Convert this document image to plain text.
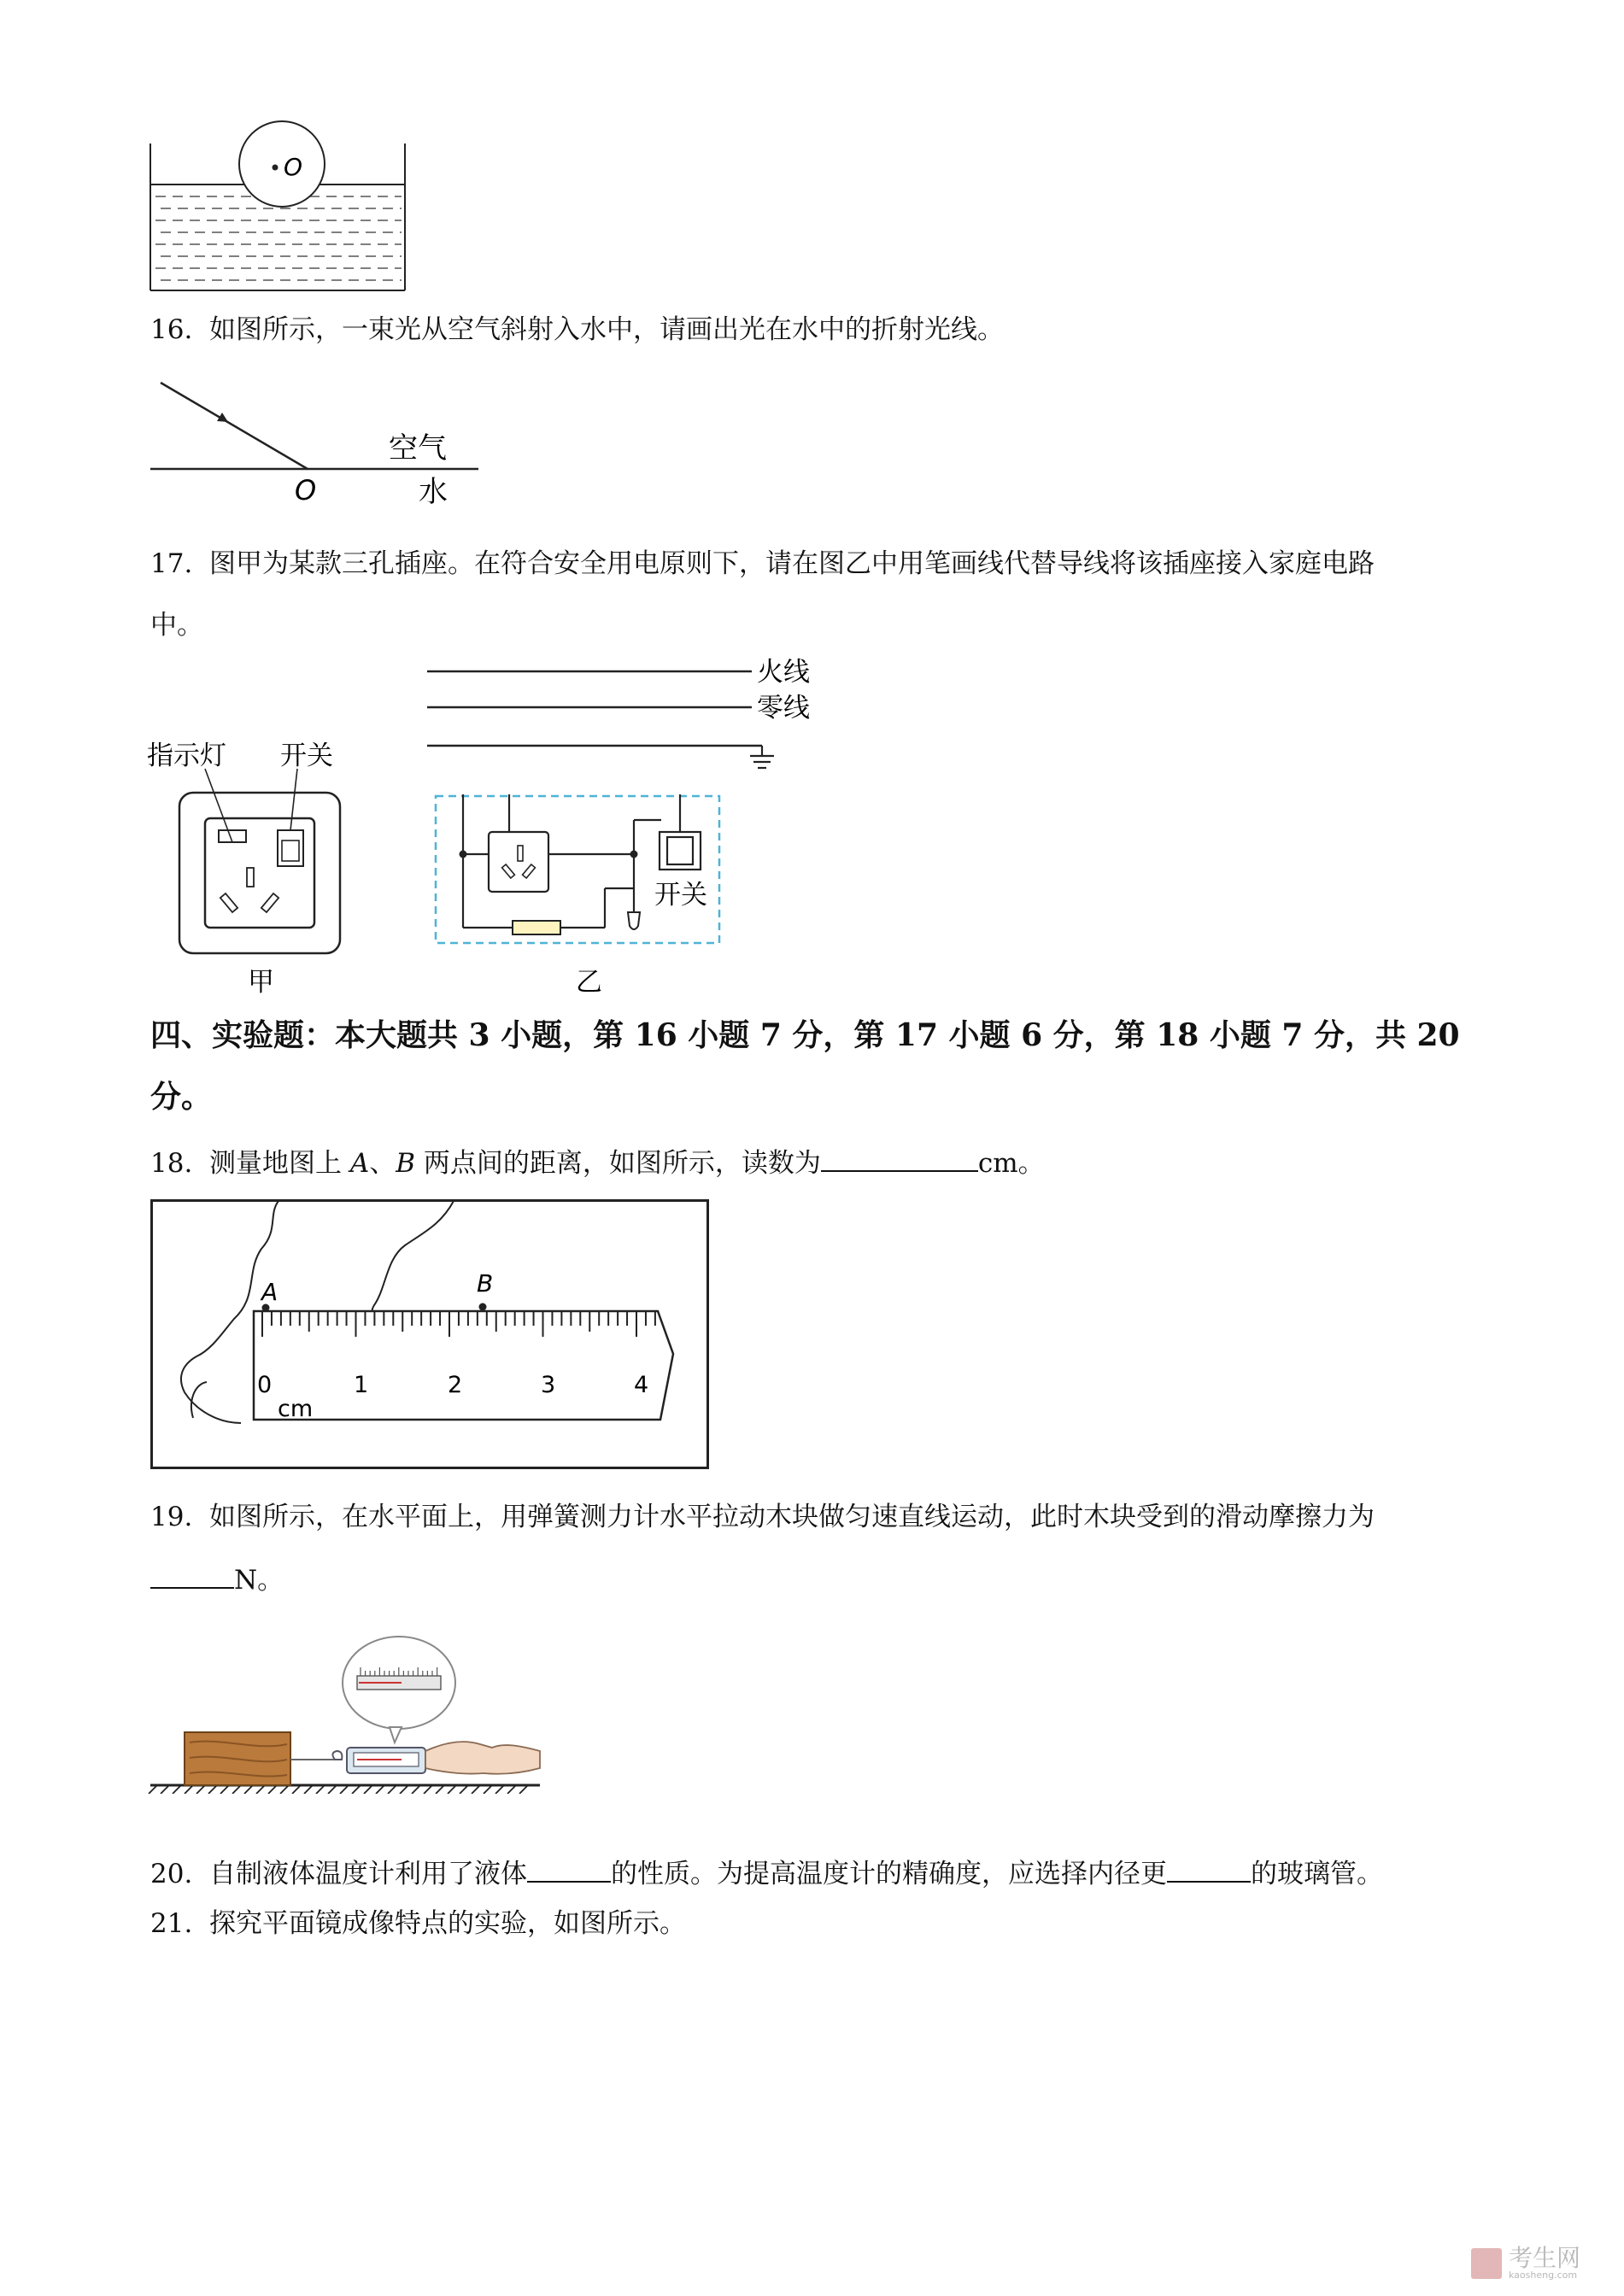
O
16. 如图所示，一束光从空气斜射入水中，请画出光在水中的折射光线。
空气
O	水
17. 图甲为某款三孔插座。在符合安全用电原则下，请在图乙中用笔画线代替导线将该插座接入家庭电路
中。
指示灯 开关
甲
火线
零线
开关
乙
四、实验题：本大题共 3 小题，第 16 小题 7 分，第 17 小题 6 分，第 18 小题 7 分，共 20
分。
18. 测量地图上 A、B 两点间的距离，如图所示，读数为	cm。
A	B
0	1	2	3	4
cm
19. 如图所示，在水平面上，用弹簧测力计水平拉动木块做匀速直线运动，此时木块受到的滑动摩擦力为
N。
20. 自制液体温度计利用了液体	的性质。为提高温度计的精确度，应选择内径更	的玻璃管。
21. 探究平面镜成像特点的实验，如图所示。
考生网
kaosheng.com
